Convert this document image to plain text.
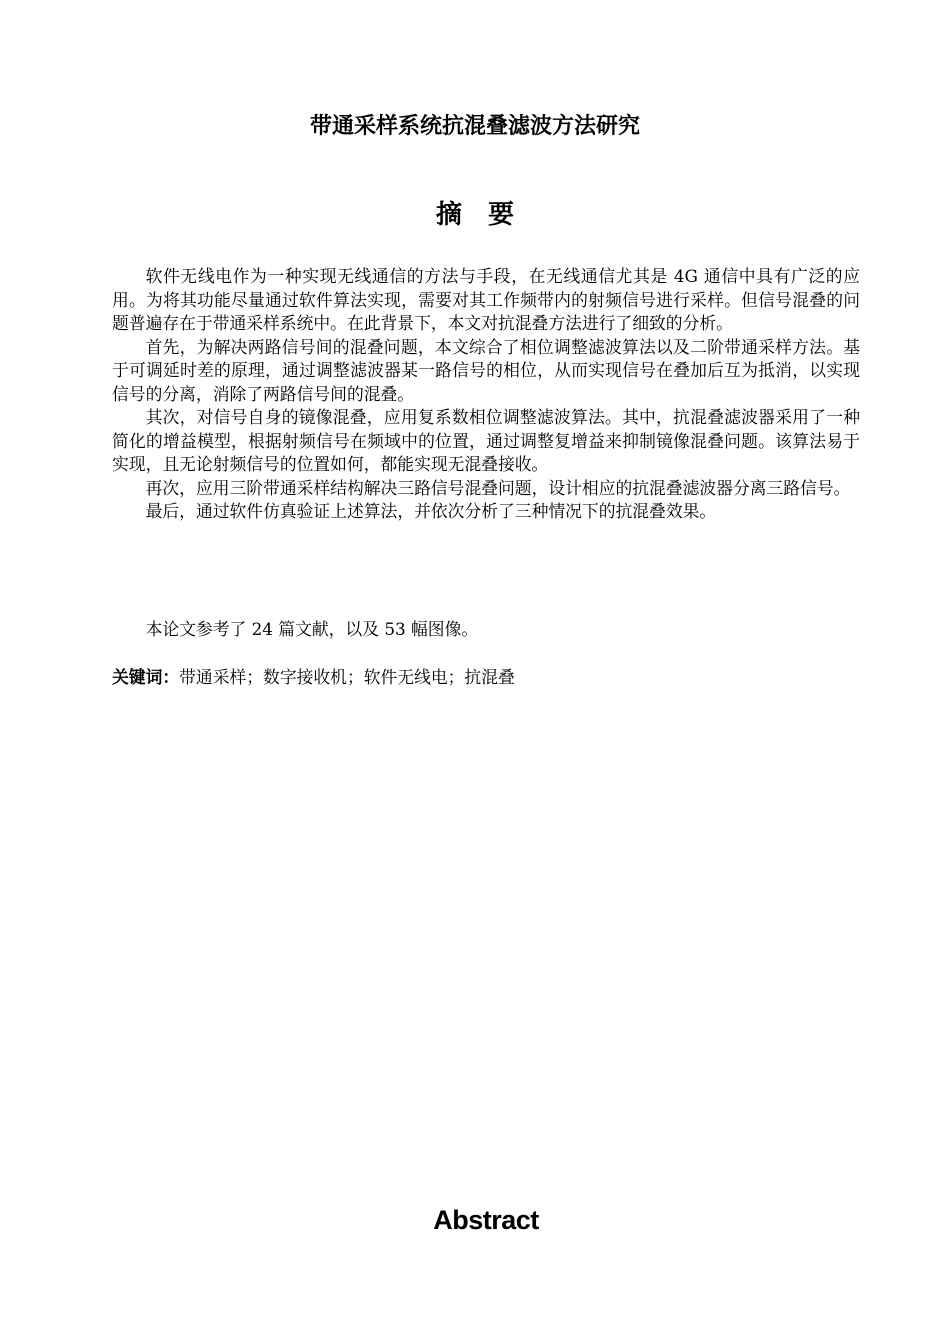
带通采样系统抗混叠滤波方法研究
摘要

软件无线电作为一种实现无线通信的方法与手段，在无线通信尤其是 4G 通信中具有广泛的应用。为将其功能尽量通过软件算法实现，需要对其工作频带内的射频信号进行采样。但信号混叠的问题普遍存在于带通采样系统中。在此背景下，本文对抗混叠方法进行了细致的分析。

首先，为解决两路信号间的混叠问题，本文综合了相位调整滤波算法以及二阶带通采样方法。基于可调延时差的原理，通过调整滤波器某一路信号的相位，从而实现信号在叠加后互为抵消，以实现信号的分离，消除了两路信号间的混叠。

其次，对信号自身的镜像混叠，应用复系数相位调整滤波算法。其中，抗混叠滤波器采用了一种简化的增益模型，根据射频信号在频域中的位置，通过调整复增益来抑制镜像混叠问题。该算法易于实现，且无论射频信号的位置如何，都能实现无混叠接收。

再次，应用三阶带通采样结构解决三路信号混叠问题，设计相应的抗混叠滤波器分离三路信号。

最后，通过软件仿真验证上述算法，并依次分析了三种情况下的抗混叠效果。

本论文参考了 24 篇文献，以及 53 幅图像。
关键词：带通采样；数字接收机；软件无线电；抗混叠
Abstract
